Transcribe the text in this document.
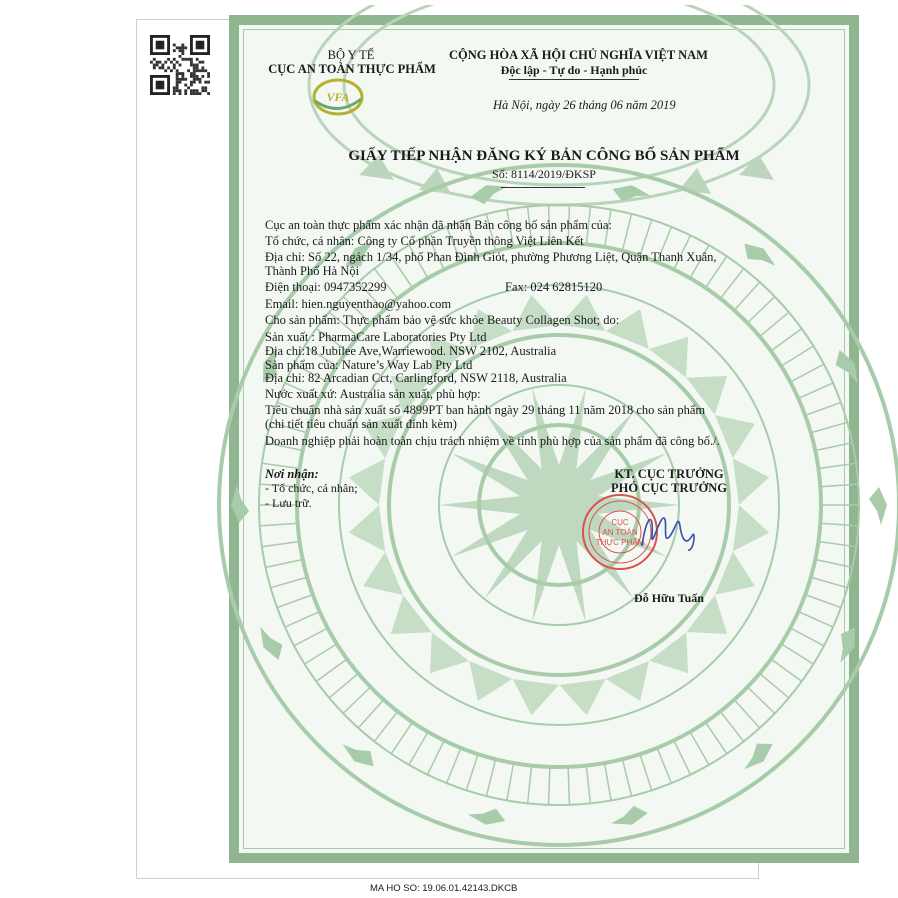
BỘ Y TẾ
CỤC AN TOÀN THỰC PHẨM
VFA
CỘNG HÒA XÃ HỘI CHỦ NGHĨA VIỆT NAM
Độc lập - Tự do - Hạnh phúc
Hà Nội, ngày 26 tháng 06 năm 2019
GIẤY TIẾP NHẬN ĐĂNG KÝ BẢN CÔNG BỐ SẢN PHẨM
Số: 8114/2019/ĐKSP
Cục an toàn thực phẩm xác nhận đã nhận Bản công bố sản phẩm của:
Tổ chức, cá nhân: Công ty Cổ phần Truyền thông Việt Liên Kết
Địa chỉ: Số 22, ngách 1/34, phố Phan Đình Giót, phường Phương Liệt, Quận Thanh Xuân,
Thành Phố Hà Nội
Điện thoại: 0947352299	Fax: 024 62815120
Email: hien.nguyenthao@yahoo.com
Cho sản phẩm: Thực phẩm bảo vệ sức khỏe Beauty Collagen Shot; do:
Sản xuất : PharmaCare Laboratories Pty Ltd
Địa chỉ:18 Jubilee Ave,Warriewood. NSW 2102, Australia
Sản phẩm của: Nature’s Way Lab Pty Ltd
Địa chỉ: 82 Arcadian Cct, Carlingford, NSW 2118, Australia
Nước xuất xứ: Australia sản xuất, phù hợp:
Tiêu chuẩn nhà sản xuất số 4899PT ban hành ngày 29 tháng 11 năm 2018 cho sản phẩm
(chi tiết tiêu chuẩn sản xuất đính kèm)
Doanh nghiệp phải hoàn toàn chịu trách nhiệm về tính phù hợp của sản phẩm đã công bố./.
Nơi nhận:
- Tổ chức, cá nhân;
- Lưu trữ.
KT. CỤC TRƯỞNG
PHÓ CỤC TRƯỞNG
Đỗ Hữu Tuấn
CỤC
AN TOÀN
THỰC PHẨM
MA HO SO: 19.06.01.42143.DKCB
